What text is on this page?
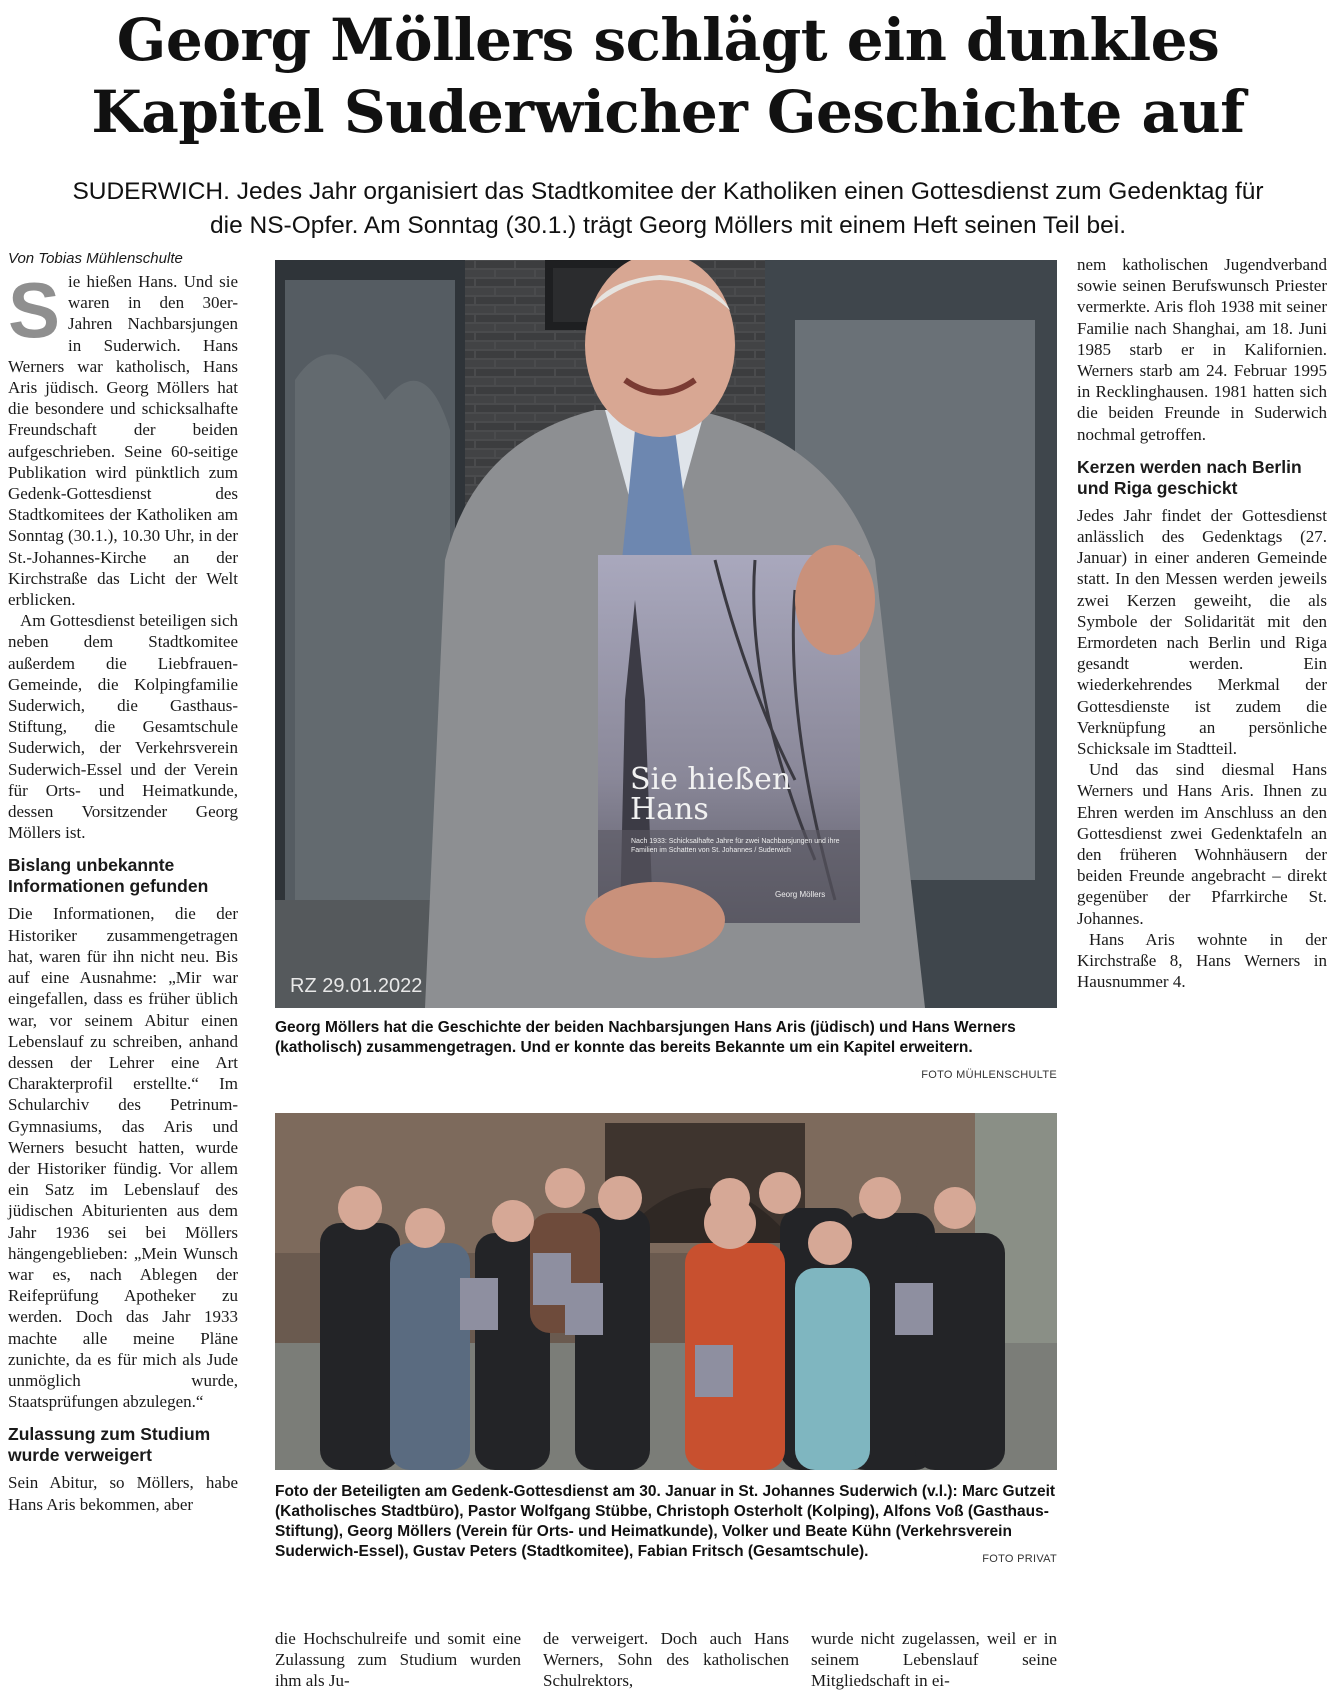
Georg Möllers schlägt ein dunkles
Kapitel Suderwicher Geschichte auf
SUDERWICH. Jedes Jahr organisiert das Stadtkomitee der Katholiken einen Gottesdienst zum Gedenktag für
die NS-Opfer. Am Sonntag (30.1.) trägt Georg Möllers mit einem Heft seinen Teil bei.
Von Tobias Mühlenschulte
S ie hießen Hans. Und sie waren in den 30er-Jahren Nachbarsjungen in Suderwich. Hans Werners war katholisch, Hans Aris jüdisch. Georg Möllers hat die besondere und schicksalhafte Freundschaft der beiden aufgeschrieben. Seine 60-seitige Publikation wird pünktlich zum Gedenk-Gottesdienst des Stadtkomitees der Katholiken am Sonntag (30.1.), 10.30 Uhr, in der St.-Johannes-Kirche an der Kirchstraße das Licht der Welt erblicken.

Am Gottesdienst beteiligen sich neben dem Stadtkomitee außerdem die Liebfrauen-Gemeinde, die Kolpingfamilie Suderwich, die Gasthaus-Stiftung, die Gesamtschule Suderwich, der Verkehrsverein Suderwich-Essel und der Verein für Orts- und Heimatkunde, dessen Vorsitzender Georg Möllers ist.

Bislang unbekannte Informationen gefunden

Die Informationen, die der Historiker zusammengetragen hat, waren für ihn nicht neu. Bis auf eine Ausnahme: „Mir war eingefallen, dass es früher üblich war, vor seinem Abitur einen Lebenslauf zu schreiben, anhand dessen der Lehrer eine Art Charakterprofil erstellte.“ Im Schularchiv des Petrinum-Gymnasiums, das Aris und Werners besucht hatten, wurde der Historiker fündig. Vor allem ein Satz im Lebenslauf des jüdischen Abiturienten aus dem Jahr 1936 sei bei Möllers hängengeblieben: „Mein Wunsch war es, nach Ablegen der Reifeprüfung Apotheker zu werden. Doch das Jahr 1933 machte alle meine Pläne zunichte, da es für mich als Jude unmöglich wurde, Staatsprüfungen abzulegen.“

Zulassung zum Studium wurde verweigert

Sein Abitur, so Möllers, habe Hans Aris bekommen, aber

Sie hießen
Hans
Nach 1933: Schicksalhafte Jahre für zwei Nachbarsjungen und ihre Familien im Schatten von St. Johannes / Suderwich
Georg Möllers
RZ 29.01.2022
Georg Möllers hat die Geschichte der beiden Nachbarsjungen Hans Aris (jüdisch) und Hans Werners (katholisch) zusammengetragen. Und er konnte das bereits Bekannte um ein Kapitel erweitern.
FOTO MÜHLENSCHULTE
Foto der Beteiligten am Gedenk-Gottesdienst am 30. Januar in St. Johannes Suderwich (v.l.): Marc Gutzeit (Katholisches Stadtbüro), Pastor Wolfgang Stübbe, Christoph Osterholt (Kolping), Alfons Voß (Gasthaus-Stiftung), Georg Möllers (Verein für Orts- und Heimatkunde), Volker und Beate Kühn (Verkehrsverein Suderwich-Essel), Gustav Peters (Stadtkomitee), Fabian Fritsch (Gesamtschule).	FOTO PRIVAT

nem katholischen Jugendverband sowie seinen Berufswunsch Priester vermerkte. Aris floh 1938 mit seiner Familie nach Shanghai, am 18. Juni 1985 starb er in Kalifornien. Werners starb am 24. Februar 1995 in Recklinghausen. 1981 hatten sich die beiden Freunde in Suderwich nochmal getroffen.

Kerzen werden nach Berlin und Riga geschickt

Jedes Jahr findet der Gottesdienst anlässlich des Gedenktags (27. Januar) in einer anderen Gemeinde statt. In den Messen werden jeweils zwei Kerzen geweiht, die als Symbole der Solidarität mit den Ermordeten nach Berlin und Riga gesandt werden. Ein wiederkehrendes Merkmal der Gottesdienste ist zudem die Verknüpfung an persönliche Schicksale im Stadtteil.

Und das sind diesmal Hans Werners und Hans Aris. Ihnen zu Ehren werden im Anschluss an den Gottesdienst zwei Gedenktafeln an den früheren Wohnhäusern der beiden Freunde angebracht – direkt gegenüber der Pfarrkirche St. Johannes.

Hans Aris wohnte in der Kirchstraße 8, Hans Werners in Hausnummer 4.

die Hochschulreife und somit eine Zulassung zum Studium wurden ihm als Ju-

de verweigert. Doch auch Hans Werners, Sohn des katholischen Schulrektors,

wurde nicht zugelassen, weil er in seinem Lebenslauf seine Mitgliedschaft in ei-
